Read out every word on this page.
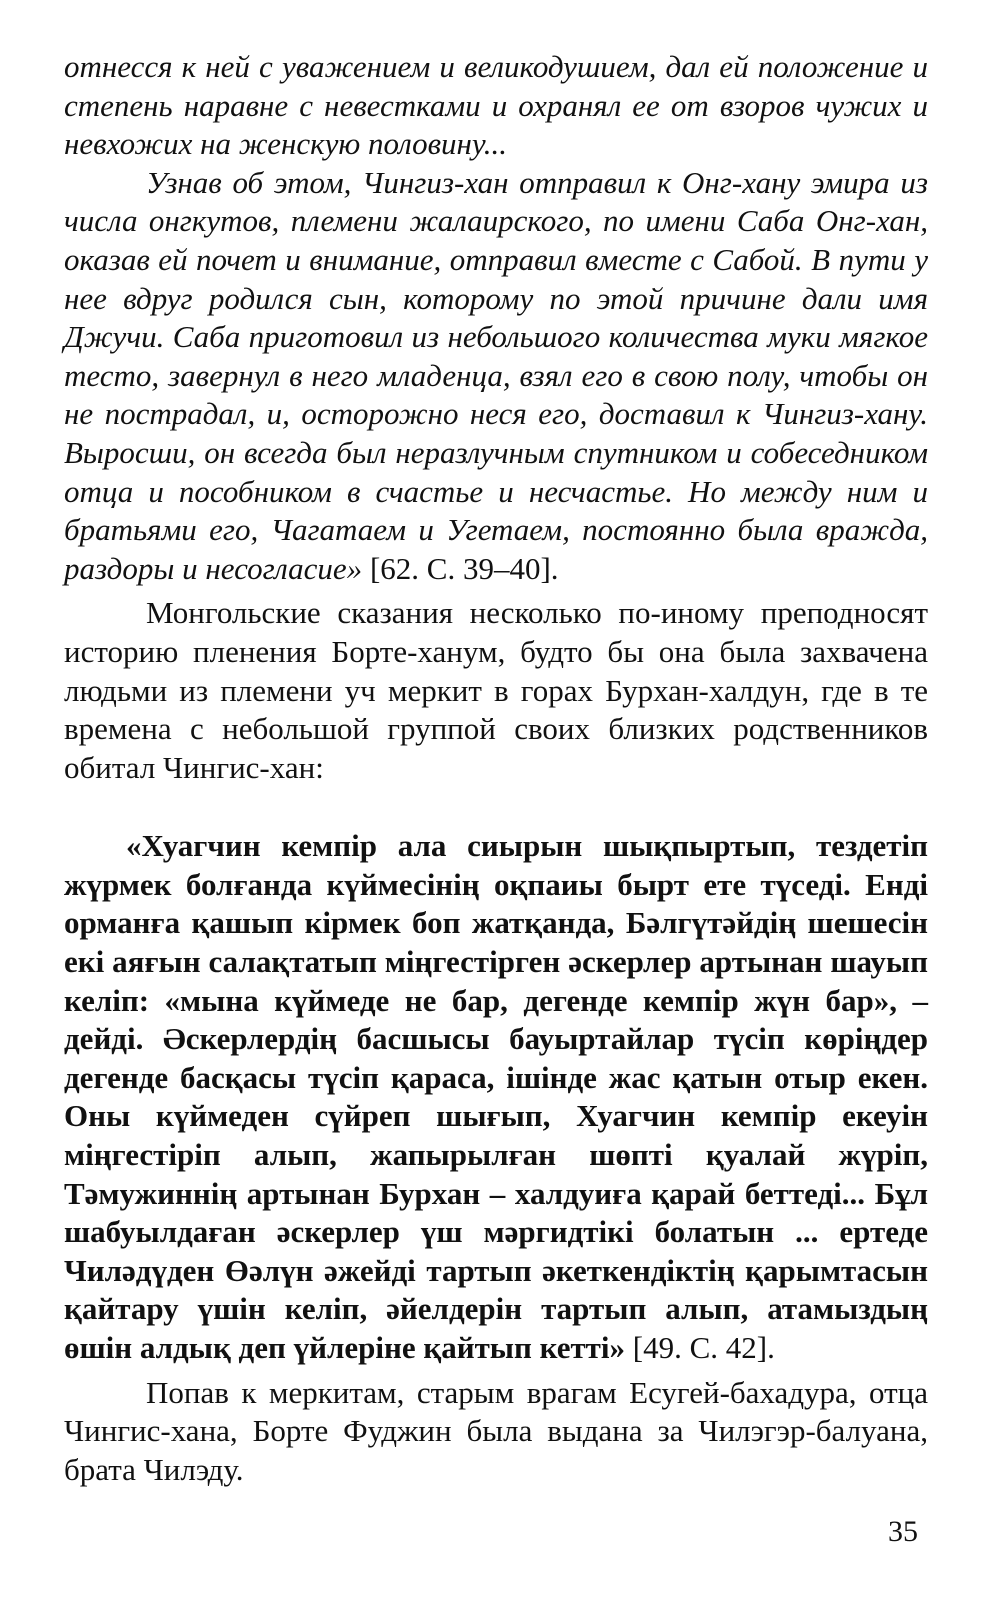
отнесся к ней с уважением и великодушием, дал ей положение и степень наравне с невестками и охранял ее от взоров чужих и невхожих на женскую половину...

Узнав об этом, Чингиз-хан отправил к Онг-хану эмира из числа онгкутов, племени жалаирского, по имени Саба Онг-хан, оказав ей почет и внимание, отправил вместе с Сабой. В пути у нее вдруг родился сын, которому по этой причине дали имя Джучи. Саба приготовил из небольшого количества муки мягкое тесто, завернул в него младенца, взял его в свою полу, чтобы он не пострадал, и, осторожно неся его, доставил к Чингиз-хану. Выросши, он всегда был неразлучным спутником и собеседником отца и пособником в счастье и несчастье. Но между ним и братьями его, Чагатаем и Угетаем, постоянно была вражда, раздоры и несогласие» [62. С. 39–40].

Монгольские сказания несколько по-иному преподносят историю пленения Борте-ханум, будто бы она была захвачена людьми из племени уч меркит в горах Бурхан-халдун, где в те времена с небольшой группой своих близких родственников обитал Чингис-хан:

«Хуагчин кемпір ала сиырын шықпыртып, тездетіп жүрмек болғанда күймесінің оқпаиы бырт ете түседі. Енді орманға қашып кірмек боп жатқанда, Бәлгүтәйдің шешесін екі аяғын салақтатып міңгестірген әскерлер артынан шауып келіп: «мына күймеде не бар, дегенде кемпір жүн бар», – дейді. Әскерлердің басшысы бауыртайлар түсіп көріңдер дегенде басқасы түсіп қараса, ішінде жас қатын отыр екен. Оны күймеден сүйреп шығып, Хуагчин кемпір екеуін міңгестіріп алып, жапырылған шөпті қуалай жүріп, Тәмужиннің артынан Бурхан – халдуиға қарай беттеді... Бұл шабуылдаған әскерлер үш мәргидтікі болатын ... ертеде Чиләдүден Өәлүн әжейді тартып әкеткендіктің қарымтасын қайтару үшін келіп, әйелдерін тартып алып, атамыздың өшін алдық деп үйлеріне қайтып кетті» [49. С. 42].

Попав к меркитам, старым врагам Есугей-бахадура, отца Чингис-хана, Борте Фуджин была выдана за Чилэгэр-балуана, брата Чилэду.

35
